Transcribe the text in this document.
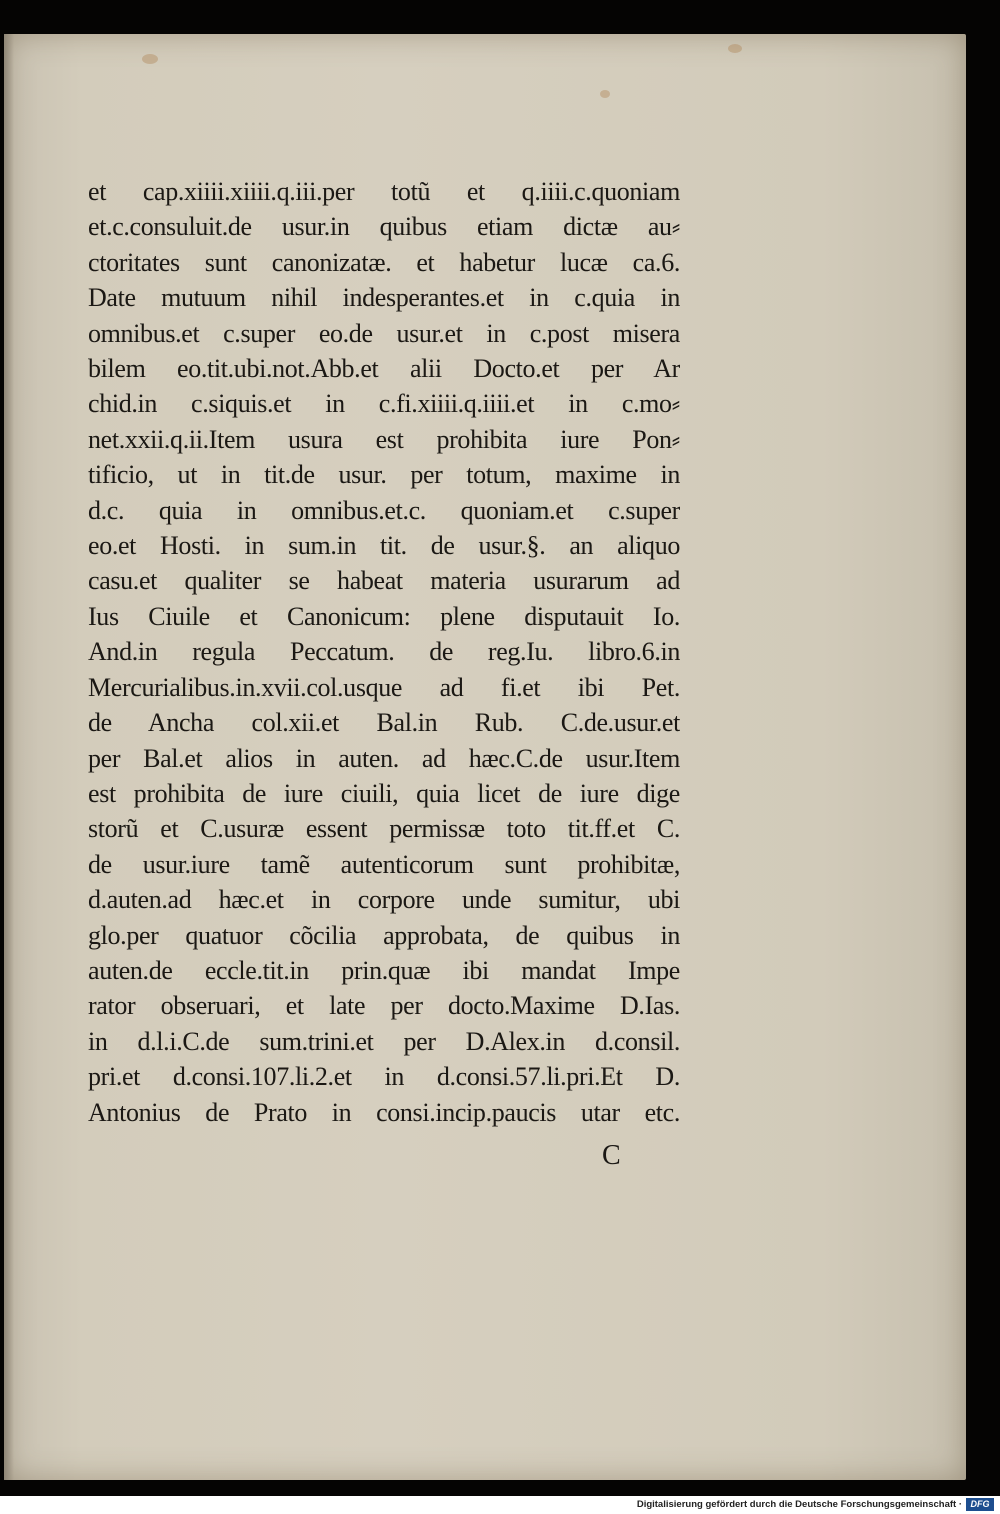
et cap.xiiii.xiiii.q.iii.per totũ et q.iiii.c.quoniam
et.c.consuluit.de usur.in quibus etiam dictæ au⸗
ctoritates sunt canonizatæ. et habetur lucæ ca.6.
Date mutuum nihil indesperantes.et in c.quia in
omnibus.et c.super eo.de usur.et in c.post misera
bilem eo.tit.ubi.not.Abb.et alii Docto.et per Ar
chid.in c.siquis.et in c.fi.xiiii.q.iiii.et in c.mo⸗
net.xxii.q.ii.Item usura est prohibita iure Pon⸗
tificio, ut in tit.de usur. per totum, maxime in
d.c. quia in omnibus.et.c. quoniam.et c.super
eo.et Hosti. in sum.in tit. de usur.§. an aliquo
casu.et qualiter se habeat materia usurarum ad
Ius Ciuile et Canonicum: plene disputauit Io.
And.in regula Peccatum. de reg.Iu. libro.6.in
Mercurialibus.in.xvii.col.usque ad fi.et ibi Pet.
de Ancha col.xii.et Bal.in Rub. C.de.usur.et
per Bal.et alios in auten. ad hæc.C.de usur.Item
est prohibita de iure ciuili, quia licet de iure dige
storũ et C.usuræ essent permissæ toto tit.ff.et C.
de usur.iure tamẽ autenticorum sunt prohibitæ,
d.auten.ad hæc.et in corpore unde sumitur, ubi
glo.per quatuor cõcilia approbata, de quibus in
auten.de eccle.tit.in prin.quæ ibi mandat Impe
rator obseruari, et late per docto.Maxime D.Ias.
in d.l.i.C.de sum.trini.et per D.Alex.in d.consil.
pri.et d.consi.107.li.2.et in d.consi.57.li.pri.Et D.
Antonius de Prato in consi.incip.paucis utar etc.
C
Digitalisierung gefördert durch die Deutsche Forschungsgemeinschaft · DFG
